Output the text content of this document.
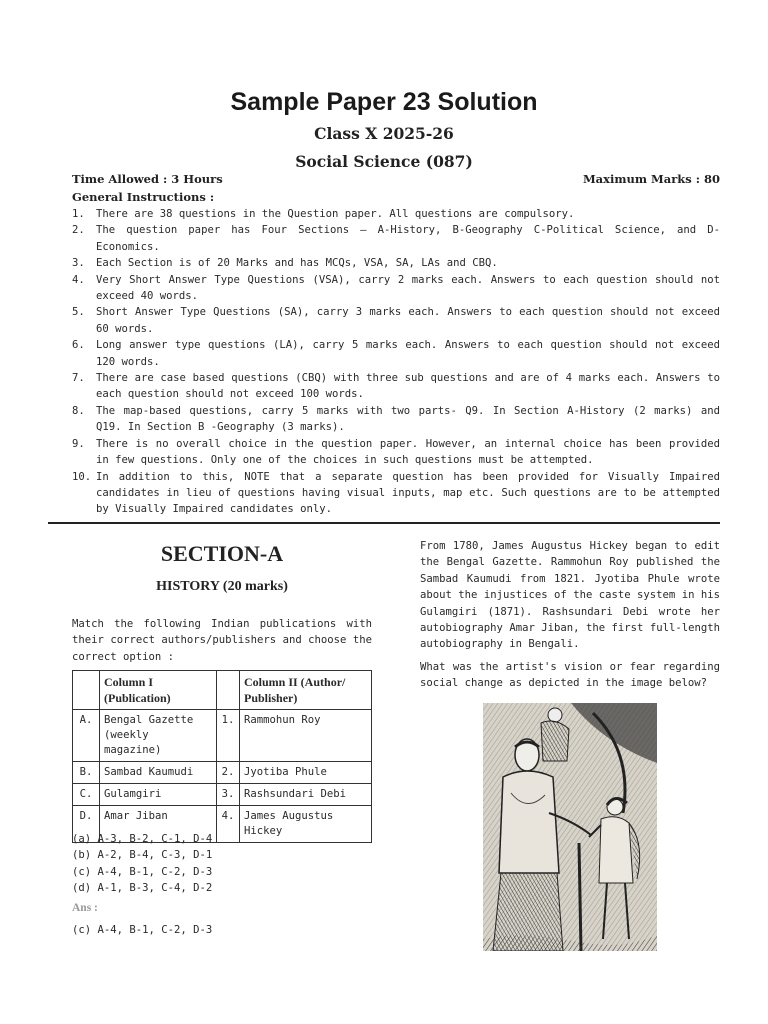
Sample Paper 23 Solution
Class X 2025-26
Social Science (087)
Time Allowed : 3 Hours	Maximum Marks : 80
General Instructions :
1. There are 38 questions in the Question paper. All questions are compulsory.
2. The question paper has Four Sections – A-History, B-Geography C-Political Science, and D-Economics.
3. Each Section is of 20 Marks and has MCQs, VSA, SA, LAs and CBQ.
4. Very Short Answer Type Questions (VSA), carry 2 marks each. Answers to each question should not exceed 40 words.
5. Short Answer Type Questions (SA), carry 3 marks each. Answers to each question should not exceed 60 words.
6. Long answer type questions (LA), carry 5 marks each. Answers to each question should not exceed 120 words.
7. There are case based questions (CBQ) with three sub questions and are of 4 marks each. Answers to each question should not exceed 100 words.
8. The map-based questions, carry 5 marks with two parts- Q9. In Section A-History (2 marks) and Q19. In Section B -Geography (3 marks).
9. There is no overall choice in the question paper. However, an internal choice has been provided in few questions. Only one of the choices in such questions must be attempted.
10. In addition to this, NOTE that a separate question has been provided for Visually Impaired candidates in lieu of questions having visual inputs, map etc. Such questions are to be attempted by Visually Impaired candidates only.
SECTION-A
HISTORY (20 marks)
Match the following Indian publications with their correct authors/publishers and choose the correct option :
	Column I (Publication)		Column II (Author/ Publisher)
A.	Bengal Gazette (weekly magazine)	1.	Rammohun Roy
B.	Sambad Kaumudi	2.	Jyotiba Phule
C.	Gulamgiri	3.	Rashsundari Debi
D.	Amar Jiban	4.	James Augustus Hickey
(a) A-3, B-2, C-1, D-4
(b) A-2, B-4, C-3, D-1
(c) A-4, B-1, C-2, D-3
(d) A-1, B-3, C-4, D-2
Ans :
(c) A-4, B-1, C-2, D-3
From 1780, James Augustus Hickey began to edit the Bengal Gazette. Rammohun Roy published the Sambad Kaumudi from 1821. Jyotiba Phule wrote about the injustices of the caste system in his Gulamgiri (1871). Rashsundari Debi wrote her autobiography Amar Jiban, the first full-length autobiography in Bengali.
What was the artist's vision or fear regarding social change as depicted in the image below?
